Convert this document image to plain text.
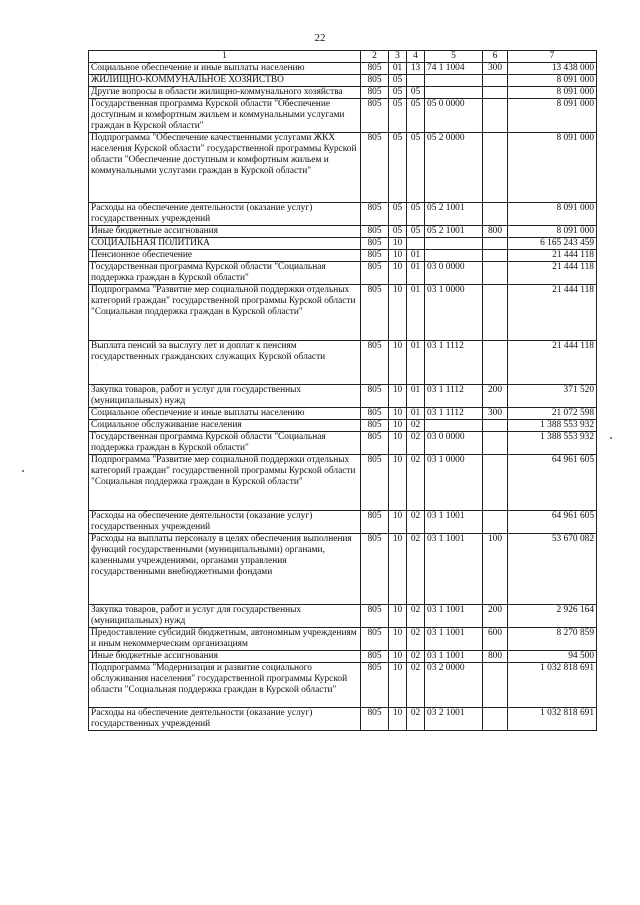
22
1	2	3	4	5	6	7
Социальное обеспечение и иные выплаты населению	805	01	13	74 1 1004	300	13 438 000
ЖИЛИЩНО-КОММУНАЛЬНОЕ ХОЗЯЙСТВО	805	05				8 091 000
Другие вопросы в области жилищно-коммунального хозяйства	805	05	05			8 091 000
Государственная программа Курской области "Обеспечение доступным и комфортным жильем и коммунальными услугами граждан в Курской области"	805	05	05	05 0 0000		8 091 000
Подпрограмма "Обеспечение качественными услугами ЖКХ населения Курской области" государственной программы Курской области "Обеспечение доступным и комфортным жильем и коммунальными услугами граждан в Курской области"	805	05	05	05 2 0000		8 091 000
Расходы на обеспечение деятельности (оказание услуг) государственных учреждений	805	05	05	05 2 1001		8 091 000
Иные бюджетные ассигнования	805	05	05	05 2 1001	800	8 091 000
СОЦИАЛЬНАЯ ПОЛИТИКА	805	10				6 165 243 459
Пенсионное обеспечение	805	10	01			21 444 118
Государственная программа Курской области "Социальная поддержка граждан в Курской области"	805	10	01	03 0 0000		21 444 118
Подпрограмма "Развитие мер социальной поддержки отдельных категорий граждан" государственной программы Курской области "Социальная поддержка граждан в Курской области"	805	10	01	03 1 0000		21 444 118
Выплата пенсий за выслугу лет и доплат к пенсиям государственных гражданских служащих Курской области	805	10	01	03 1 1112		21 444 118
Закупка товаров, работ и услуг для государственных (муниципальных) нужд	805	10	01	03 1 1112	200	371 520
Социальное обеспечение и иные выплаты населению	805	10	01	03 1 1112	300	21 072 598
Социальное обслуживание населения	805	10	02			1 388 553 932
Государственная программа Курской области "Социальная поддержка граждан в Курской области"	805	10	02	03 0 0000		1 388 553 932
Подпрограмма "Развитие мер социальной поддержки отдельных категорий граждан" государственной программы Курской области "Социальная поддержка граждан в Курской области"	805	10	02	03 1 0000		64 961 605
Расходы на обеспечение деятельности (оказание услуг) государственных учреждений	805	10	02	03 1 1001		64 961 605
Расходы на выплаты персоналу в целях обеспечения выполнения функций государственными (муниципальными) органами, казенными учреждениями, органами управления государственными внебюджетными фондами	805	10	02	03 1 1001	100	53 670 082
Закупка товаров, работ и услуг для государственных (муниципальных) нужд	805	10	02	03 1 1001	200	2 926 164
Предоставление субсидий бюджетным, автономным учреждениям и иным некоммерческим организациям	805	10	02	03 1 1001	600	8 270 859
Иные бюджетные ассигнования	805	10	02	03 1 1001	800	94 500
Подпрограмма "Модернизация и развитие социального обслуживания населения" государственной программы Курской области "Социальная поддержка граждан в Курской области"	805	10	02	03 2 0000		1 032 818 691
Расходы на обеспечение деятельности (оказание услуг) государственных учреждений	805	10	02	03 2 1001		1 032 818 691
